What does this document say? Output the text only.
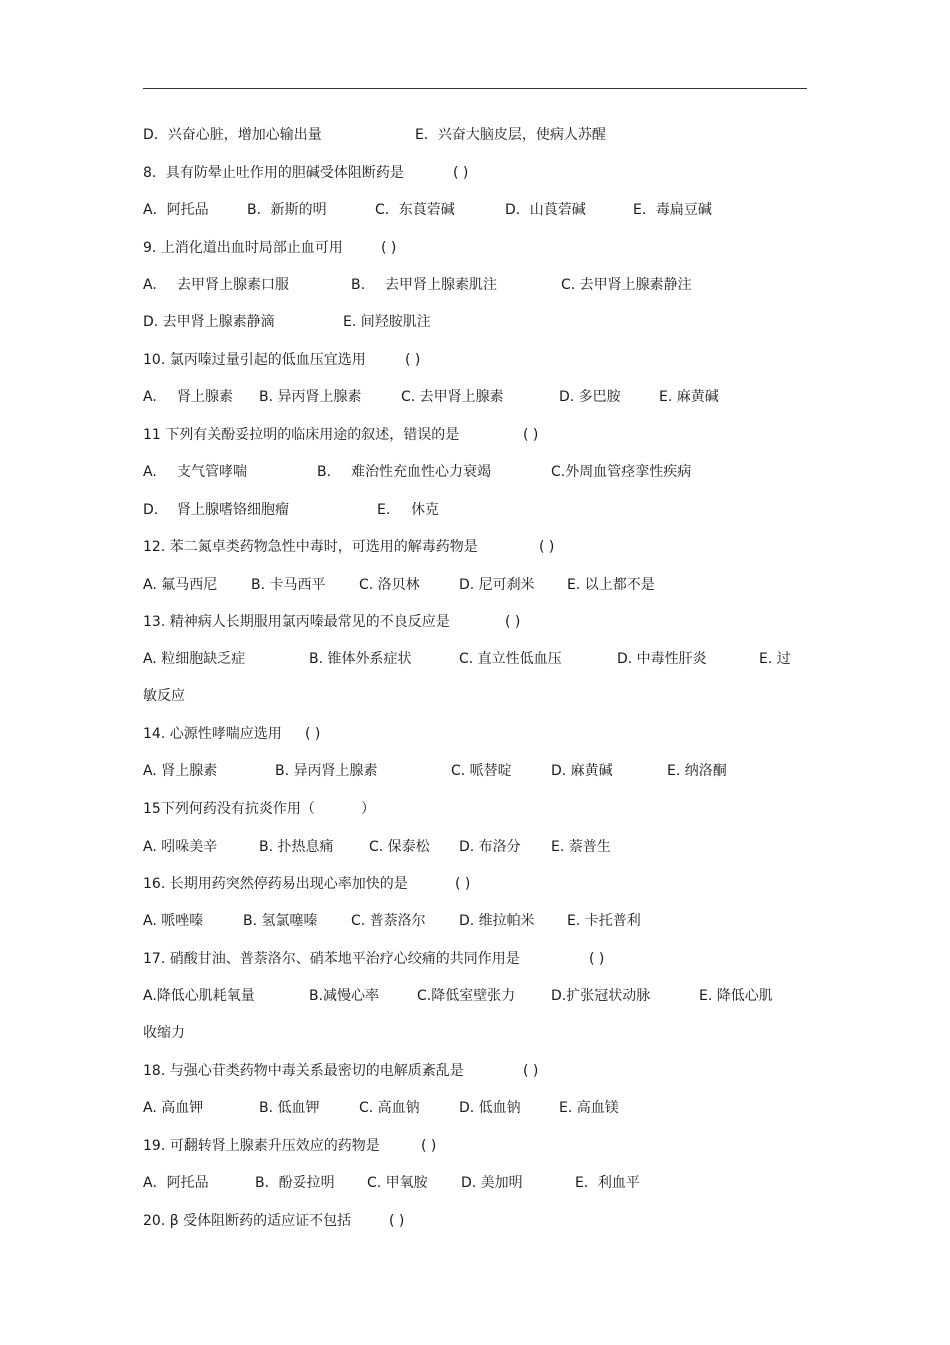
D．兴奋心脏，增加心输出量	E．兴奋大脑皮层，使病人苏醒
8．具有防晕止吐作用的胆碱受体阻断药是	( )
A．阿托品	B．新斯的明	C．东莨菪碱	D．山莨菪碱	E．毒扁豆碱
9. 上消化道出血时局部止血可用	( )
A. 去甲肾上腺素口服	B. 去甲肾上腺素肌注	C. 去甲肾上腺素静注
D. 去甲肾上腺素静滴	E. 间羟胺肌注
10. 氯丙嗪过量引起的低血压宜选用	( )
A. 肾上腺素 B. 异丙肾上腺素	C. 去甲肾上腺素	D. 多巴胺	E. 麻黄碱
11 下列有关酚妥拉明的临床用途的叙述，错误的是	( )
A. 支气管哮喘	B. 难治性充血性心力衰竭	C.外周血管痉挛性疾病
D. 肾上腺嗜铬细胞瘤	E. 休克
12. 苯二氮卓类药物急性中毒时，可选用的解毒药物是	( )
A. 氟马西尼 B. 卡马西平 C. 洛贝林	D. 尼可刹米 E. 以上都不是
13. 精神病人长期服用氯丙嗪最常见的不良反应是	( )
A. 粒细胞缺乏症	B. 锥体外系症状	C. 直立性低血压	D. 中毒性肝炎	E. 过
敏反应
14. 心源性哮喘应选用 ( )
A. 肾上腺素	B. 异丙肾上腺素	C. 哌替啶	D. 麻黄碱	E. 纳洛酮
15下列何药没有抗炎作用（	）
A. 吲哚美辛	B. 扑热息痛	C. 保泰松 D. 布洛分 E. 萘普生
16. 长期用药突然停药易出现心率加快的是	( )
A. 哌唑嗪	B. 氢氯噻嗪 C. 普萘洛尔 D. 维拉帕米 E. 卡托普利
17. 硝酸甘油、普萘洛尔、硝苯地平治疗心绞痛的共同作用是	( )
A.降低心肌耗氧量	B.减慢心率	C.降低室壁张力	D.扩张冠状动脉	E. 降低心肌
收缩力
18. 与强心苷类药物中毒关系最密切的电解质紊乱是	( )
A. 高血钾	B. 低血钾	C. 高血钠	D. 低血钠	E. 高血镁
19. 可翻转肾上腺素升压效应的药物是	( )
A．阿托品	B．酚妥拉明 C. 甲氧胺 D. 美加明	E．利血平
20. β 受体阻断药的适应证不包括	( )
